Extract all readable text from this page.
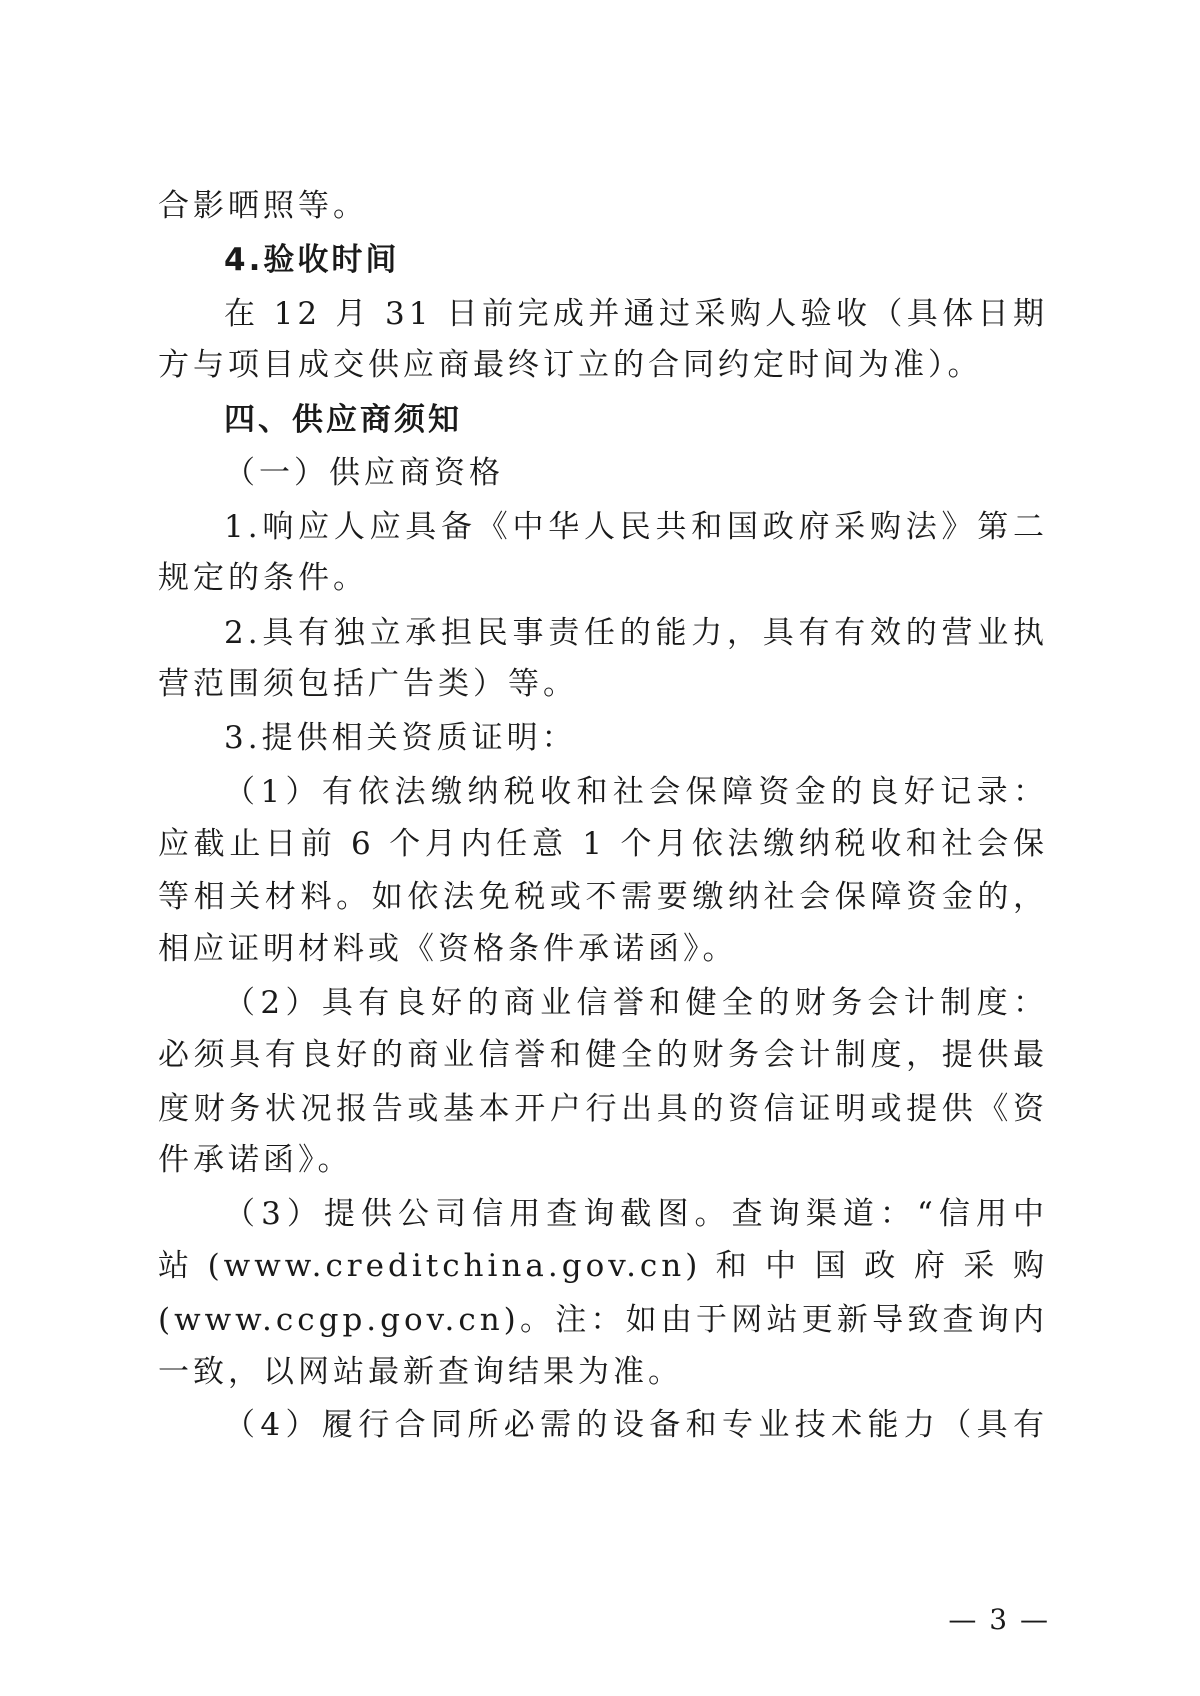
合影晒照等。
4.验收时间
在 12 月 31 日前完成并通过采购人验收（具体日期
方与项目成交供应商最终订立的合同约定时间为准）。
四、供应商须知
（一）供应商资格
1.响应人应具备《中华人民共和国政府采购法》第二
规定的条件。
2.具有独立承担民事责任的能力，具有有效的营业执
营范围须包括广告类）等。
3.提供相关资质证明：
（1）有依法缴纳税收和社会保障资金的良好记录：
应截止日前 6 个月内任意 1 个月依法缴纳税收和社会保
等相关材料。如依法免税或不需要缴纳社会保障资金的，
相应证明材料或《资格条件承诺函》。
（2）具有良好的商业信誉和健全的财务会计制度：
必须具有良好的商业信誉和健全的财务会计制度，提供最
度财务状况报告或基本开户行出具的资信证明或提供《资
件承诺函》。
（3）提供公司信用查询截图。查询渠道：“信用中
站 (www.creditchina.gov.cn) 和 中 国 政 府 采 购
(www.ccgp.gov.cn)。注：如由于网站更新导致查询内
一致，以网站最新查询结果为准。
（4）履行合同所必需的设备和专业技术能力（具有
— 3 —
